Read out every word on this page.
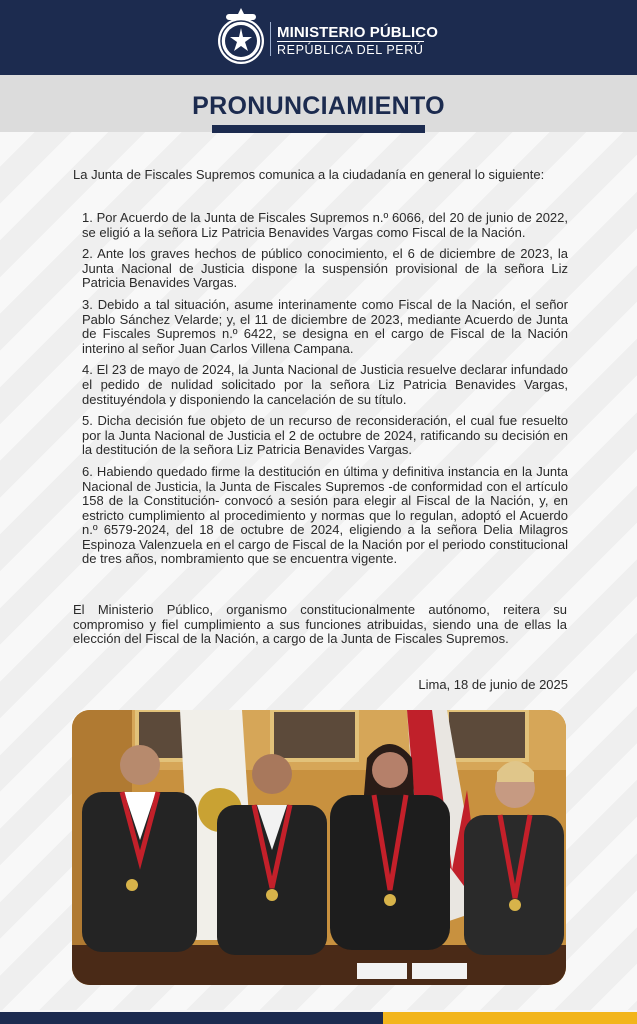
MINISTERIO PÚBLICO
REPÚBLICA DEL PERÚ
PRONUNCIAMIENTO

La Junta de Fiscales Supremos comunica a la ciudadanía en general lo siguiente:

1. Por Acuerdo de la Junta de Fiscales Supremos n.º 6066, del 20 de junio de 2022, se eligió a la señora Liz Patricia Benavides Vargas como Fiscal de la Nación.
2. Ante los graves hechos de público conocimiento, el 6 de diciembre de 2023, la Junta Nacional de Justicia dispone la suspensión provisional de la señora Liz Patricia Benavides Vargas.
3. Debido a tal situación, asume interinamente como Fiscal de la Nación, el señor Pablo Sánchez Velarde; y, el 11 de diciembre de 2023, mediante Acuerdo de Junta de Fiscales Supremos n.º 6422, se designa en el cargo de Fiscal de la Nación interino al señor Juan Carlos Villena Campana.
4. El 23 de mayo de 2024, la Junta Nacional de Justicia resuelve declarar infundado el pedido de nulidad solicitado por la señora Liz Patricia Benavides Vargas, destituyéndola y disponiendo la cancelación de su título.
5. Dicha decisión fue objeto de un recurso de reconsideración, el cual fue resuelto por la Junta Nacional de Justicia el 2 de octubre de 2024, ratificando su decisión en la destitución de la señora Liz Patricia Benavides Vargas.
6. Habiendo quedado firme la destitución en última y definitiva instancia en la Junta Nacional de Justicia, la Junta de Fiscales Supremos -de conformidad con el artículo 158 de la Constitución- convocó a sesión para elegir al Fiscal de la Nación, y, en estricto cumplimiento al procedimiento y normas que lo regulan, adoptó el Acuerdo n.º 6579-2024, del 18 de octubre de 2024, eligiendo a la señora Delia Milagros Espinoza Valenzuela en el cargo de Fiscal de la Nación por el periodo constitucional de tres años, nombramiento que se encuentra vigente.

El Ministerio Público, organismo constitucionalmente autónomo, reitera su compromiso y fiel cumplimiento a sus funciones atribuidas, siendo una de ellas la elección del Fiscal de la Nación, a cargo de la Junta de Fiscales Supremos.

Lima, 18 de junio de 2025
